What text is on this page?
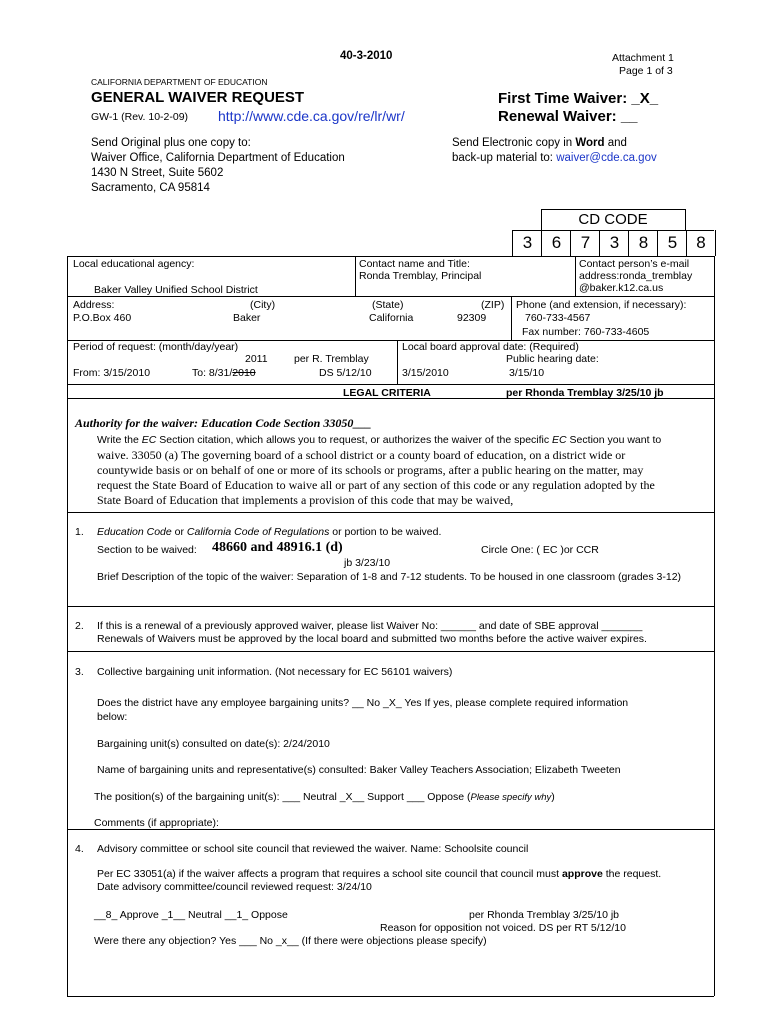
40-3-2010	Attachment 1
Page 1 of 3
CALIFORNIA DEPARTMENT OF EDUCATION
GENERAL WAIVER REQUEST
GW-1 (Rev. 10-2-09) http://www.cde.ca.gov/re/lr/wr/
First Time Waiver: _X_
Renewal Waiver: __
Send Original plus one copy to:
Waiver Office, California Department of Education
1430 N Street, Suite 5602
Sacramento, CA 95814
Send Electronic copy in Word and
back-up material to: waiver@cde.ca.gov
CD CODE
3	6	7	3	8	5	8
Local educational agency:
Baker Valley Unified School District
Contact name and Title:
Ronda Tremblay, Principal
Contact person’s e-mail
address:ronda_tremblay
@baker.k12.ca.us
Address:
P.O.Box 460
(City)
Baker
(State)
California
(ZIP)
92309
Phone (and extension, if necessary):
760-733-4567
Fax number: 760-733-4605
Period of request: (month/day/year)
2011	per R. Tremblay
DS 5/12/10
From: 3/15/2010	To: 8/31/2010
Local board approval date: (Required)
3/15/2010
Public hearing date:
3/15/10
LEGAL CRITERIA	per Rhonda Tremblay 3/25/10 jb
Authority for the waiver: Education Code Section 33050___
Write the EC Section citation, which allows you to request, or authorizes the waiver of the specific EC Section you want to
waive. 33050 (a) The governing board of a school district or a county board of education, on a district wide or
countywide basis or on behalf of one or more of its schools or programs, after a public hearing on the matter, may
request the State Board of Education to waive all or part of any section of this code or any regulation adopted by the
State Board of Education that implements a provision of this code that may be waived,
1. Education Code or California Code of Regulations or portion to be waived.
Section to be waived: 48660 and 48916.1 (d)	Circle One: ( EC )or CCR
jb 3/23/10
Brief Description of the topic of the waiver: Separation of 1-8 and 7-12 students. To be housed in one classroom (grades 3-12)
2. If this is a renewal of a previously approved waiver, please list Waiver No: ______ and date of SBE approval _______
Renewals of Waivers must be approved by the local board and submitted two months before the active waiver expires.
3. Collective bargaining unit information. (Not necessary for EC 56101 waivers)
Does the district have any employee bargaining units? __ No _X_ Yes If yes, please complete required information
below:
Bargaining unit(s) consulted on date(s): 2/24/2010
Name of bargaining units and representative(s) consulted: Baker Valley Teachers Association; Elizabeth Tweeten
The position(s) of the bargaining unit(s): ___ Neutral _X__ Support ___ Oppose (Please specify why)
Comments (if appropriate):
4. Advisory committee or school site council that reviewed the waiver. Name: Schoolsite council
Per EC 33051(a) if the waiver affects a program that requires a school site council that council must approve the request.
Date advisory committee/council reviewed request: 3/24/10
__8_ Approve _1__ Neutral __1_ Oppose	per Rhonda Tremblay 3/25/10 jb
Reason for opposition not voiced. DS per RT 5/12/10
Were there any objection? Yes ___ No _x__ (If there were objections please specify)
